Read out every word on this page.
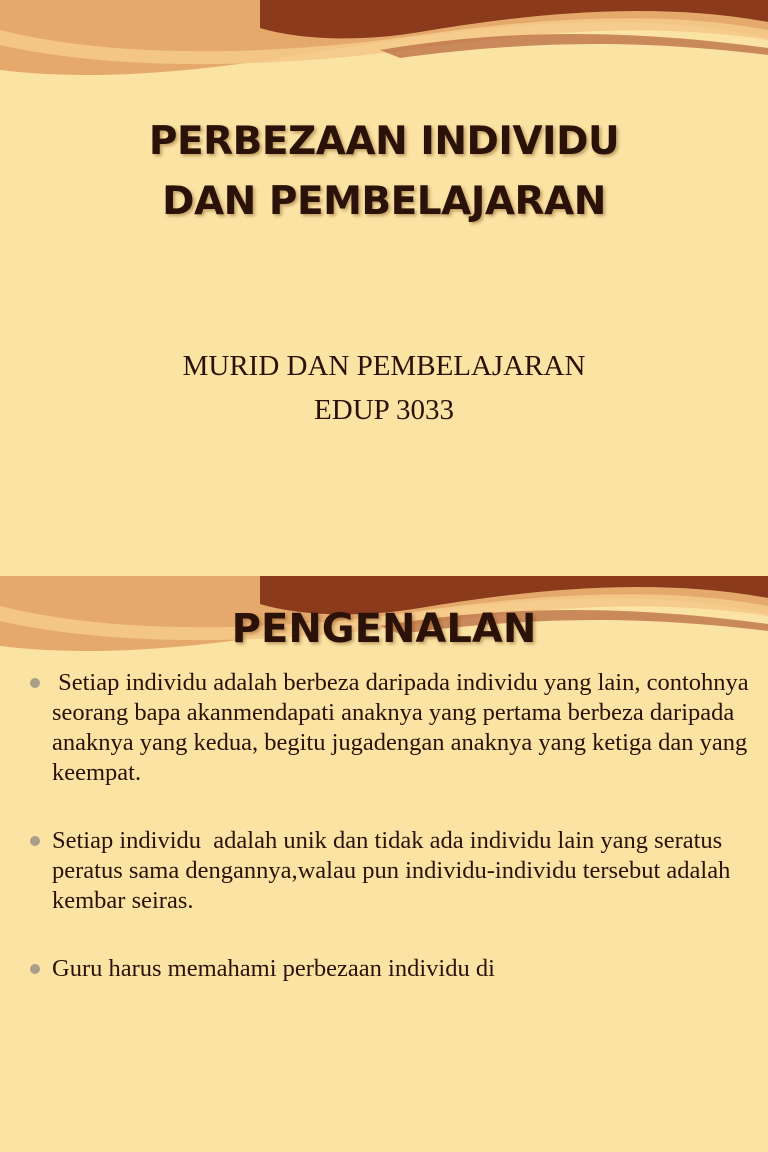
PERBEZAAN INDIVIDU
DAN PEMBELAJARAN
MURID DAN PEMBELAJARAN
EDUP 3033
PENGENALAN
Setiap individu adalah berbeza daripada individu yang lain, contohnya seorang bapa akanmendapati anaknya yang pertama berbeza daripada anaknya yang kedua, begitu jugadengan anaknya yang ketiga dan yang keempat.
Setiap individu  adalah unik dan tidak ada individu lain yang seratus peratus sama dengannya,walau pun individu-individu tersebut adalah kembar seiras.
Guru harus memahami perbezaan individu di
